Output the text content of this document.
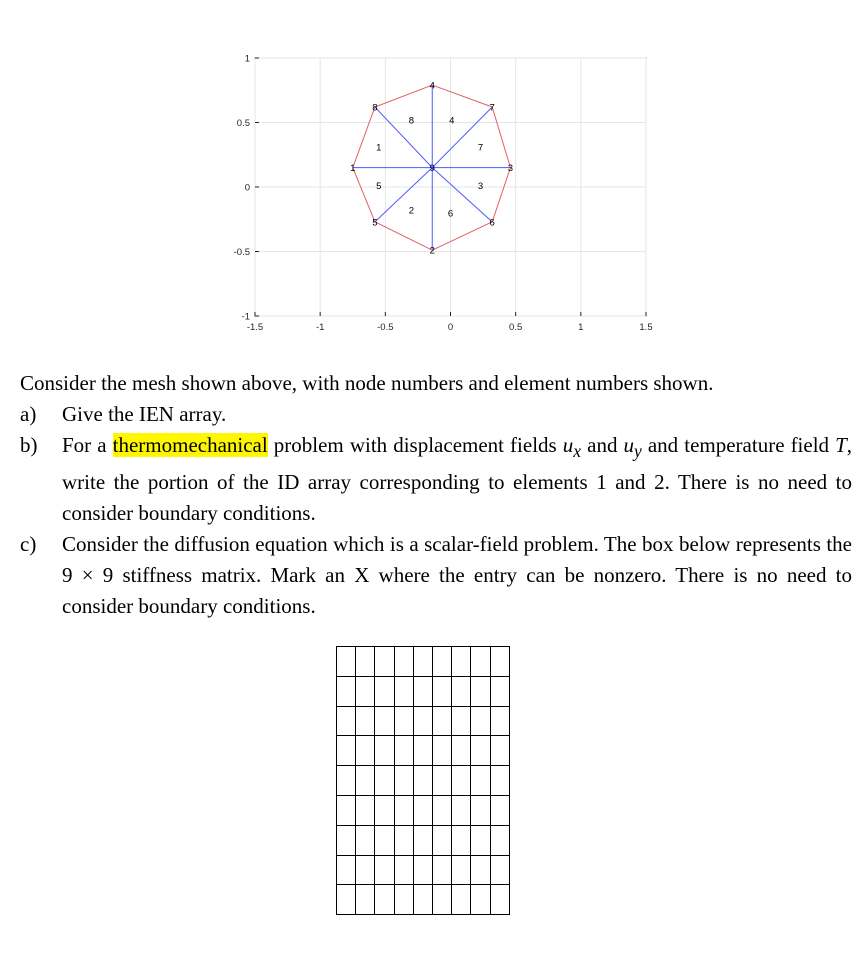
-1.5	-1	-0.5	0	0.5	1	1.5
-1
-0.5
0
0.5
1
1
2
3
4
5	6
7
8
9
1
2
3
4
5
6
7
8

Consider the mesh shown above, with node numbers and element numbers shown.

a)	Give the IEN array.
b)	For a thermomechanical problem with displacement fields $u_x$ and $u_y$ and temperature field T, write the portion of the ID array corresponding to elements 1 and 2. There is no need to consider boundary conditions.
c)	Consider the diffusion equation which is a scalar-field problem. The box below represents the 9 × 9 stiffness matrix. Mark an X where the entry can be nonzero. There is no need to consider boundary conditions.
